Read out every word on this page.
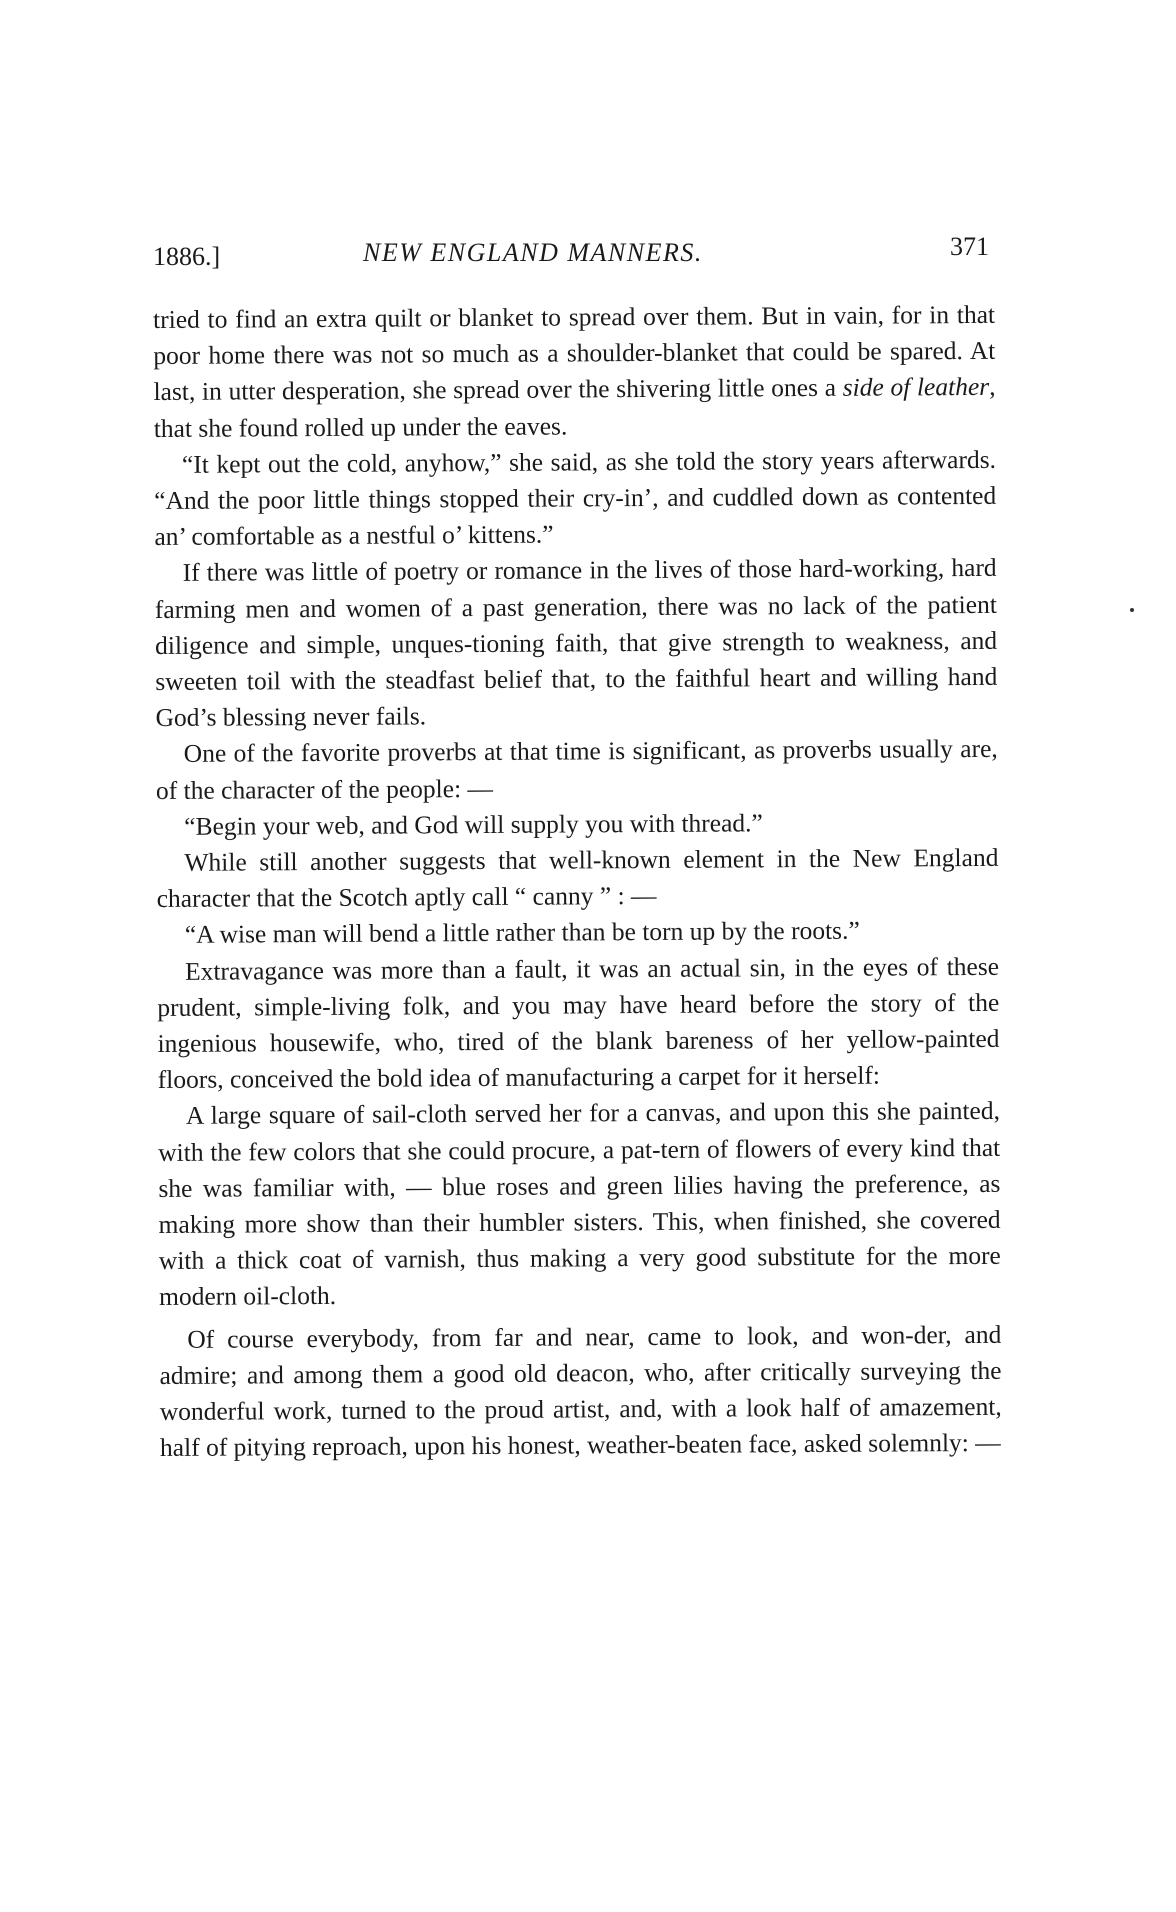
1886.]	NEW ENGLAND MANNERS.	371

tried to find an extra quilt or blanket to spread over them. But in vain, for in that poor home there was not so much as a shoulder-blanket that could be spared. At last, in utter desperation, she spread over the shivering little ones a side of leather, that she found rolled up under the eaves.

“It kept out the cold, anyhow,” she said, as she told the story years afterwards. “And the poor little things stopped their cry-in’, and cuddled down as contented an’ comfortable as a nestful o’ kittens.”

If there was little of poetry or romance in the lives of those hard-working, hard farming men and women of a past generation, there was no lack of the patient diligence and simple, unques-tioning faith, that give strength to weakness, and sweeten toil with the steadfast belief that, to the faithful heart and willing hand God’s blessing never fails.

One of the favorite proverbs at that time is significant, as proverbs usually are, of the character of the people: —

“Begin your web, and God will supply you with thread.”

While still another suggests that well-known element in the New England character that the Scotch aptly call “ canny ” : —

“A wise man will bend a little rather than be torn up by the roots.”

Extravagance was more than a fault, it was an actual sin, in the eyes of these prudent, simple-living folk, and you may have heard before the story of the ingenious housewife, who, tired of the blank bareness of her yellow-painted floors, conceived the bold idea of manufacturing a carpet for it herself:

A large square of sail-cloth served her for a canvas, and upon this she painted, with the few colors that she could procure, a pat-tern of flowers of every kind that she was familiar with, — blue roses and green lilies having the preference, as making more show than their humbler sisters. This, when finished, she covered with a thick coat of varnish, thus making a very good substitute for the more modern oil-cloth.

Of course everybody, from far and near, came to look, and won-der, and admire; and among them a good old deacon, who, after critically surveying the wonderful work, turned to the proud artist, and, with a look half of amazement, half of pitying reproach, upon his honest, weather-beaten face, asked solemnly: —
